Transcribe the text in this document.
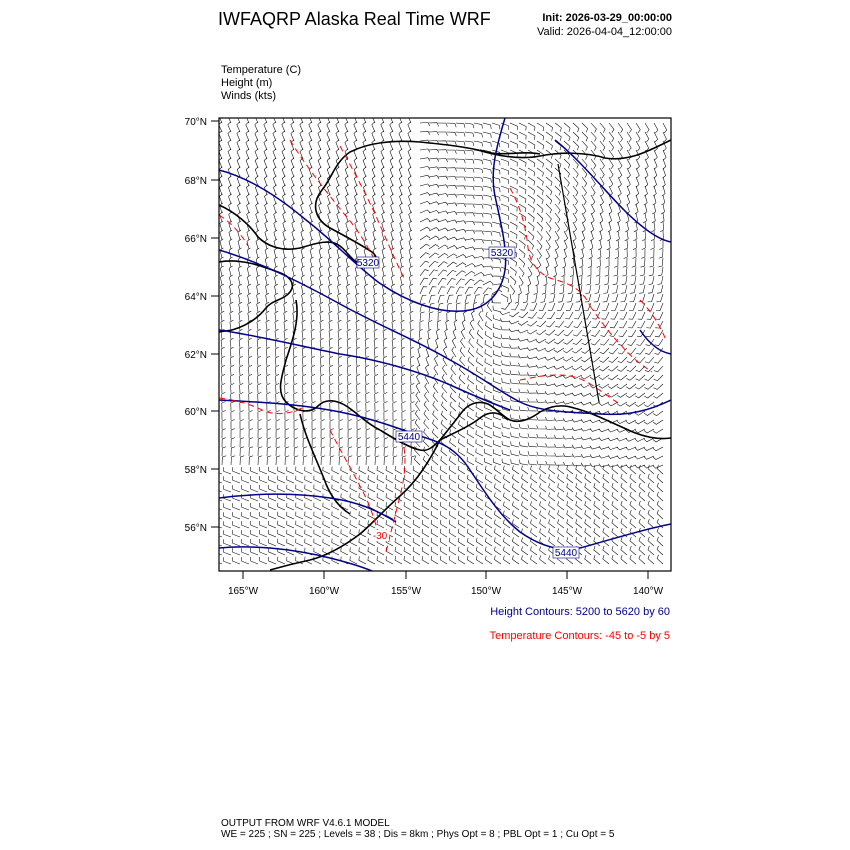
IWFAQRP Alaska Real Time WRF	Init: 2026-03-29_00:00:00
Valid: 2026-04-04_12:00:00
Temperature (C)
Height (m)
Winds (kts)
70°N
68°N
66°N
64°N
62°N
60°N
58°N
56°N
165°W	160°W	155°W	150°W	145°W	140°W
5320
5320
5440
5440
-30
Height Contours: 5200 to 5620 by 60
Temperature Contours: -45 to -5 by 5
OUTPUT FROM WRF V4.6.1 MODEL
WE = 225 ; SN = 225 ; Levels = 38 ; Dis = 8km ; Phys Opt = 8 ; PBL Opt = 1 ; Cu Opt = 5
